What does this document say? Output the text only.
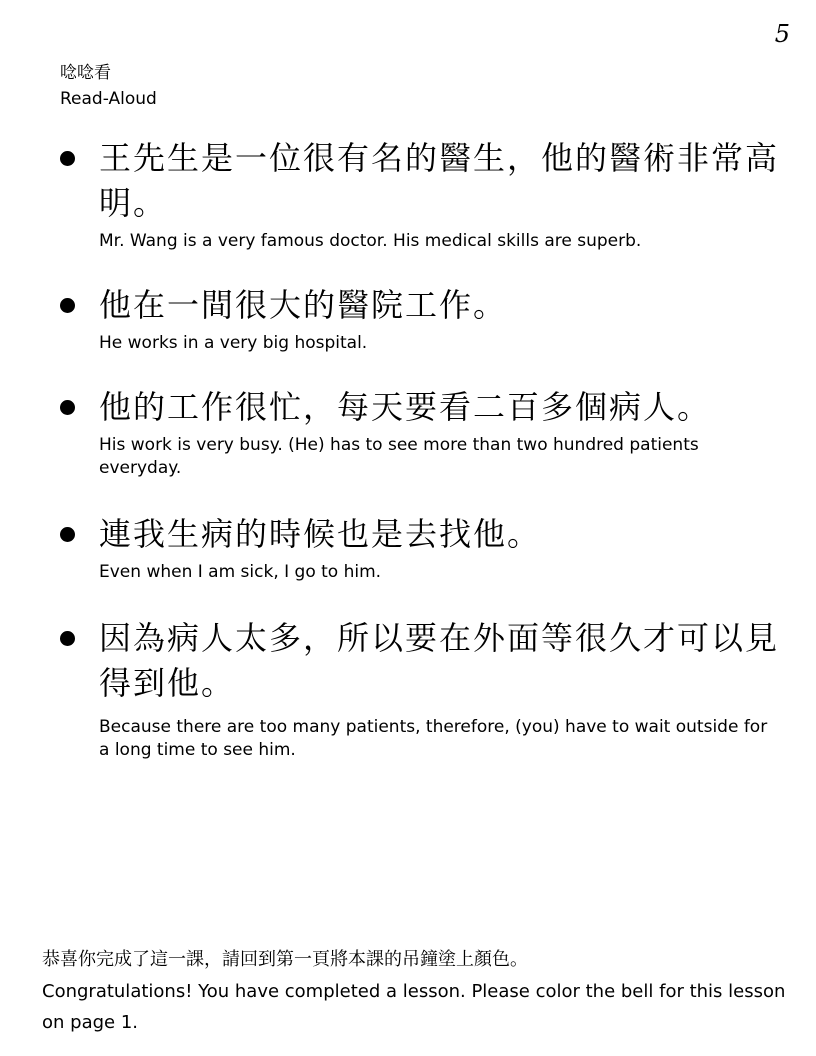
5
唸唸看
Read-Aloud
王先生是一位很有名的醫生，他的醫術非常高明。
Mr. Wang is a very famous doctor. His medical skills are superb.
他在一間很大的醫院工作。
He works in a very big hospital.
他的工作很忙，每天要看二百多個病人。
His work is very busy. (He) has to see more than two hundred patients everyday.
連我生病的時候也是去找他。
Even when I am sick, I go to him.
因為病人太多，所以要在外面等很久才可以見得到他。
Because there are too many patients, therefore, (you) have to wait outside for a long time to see him.
恭喜你完成了這一課，請回到第一頁將本課的吊鐘塗上顏色。
Congratulations! You have completed a lesson. Please color the bell for this lesson on page 1.
